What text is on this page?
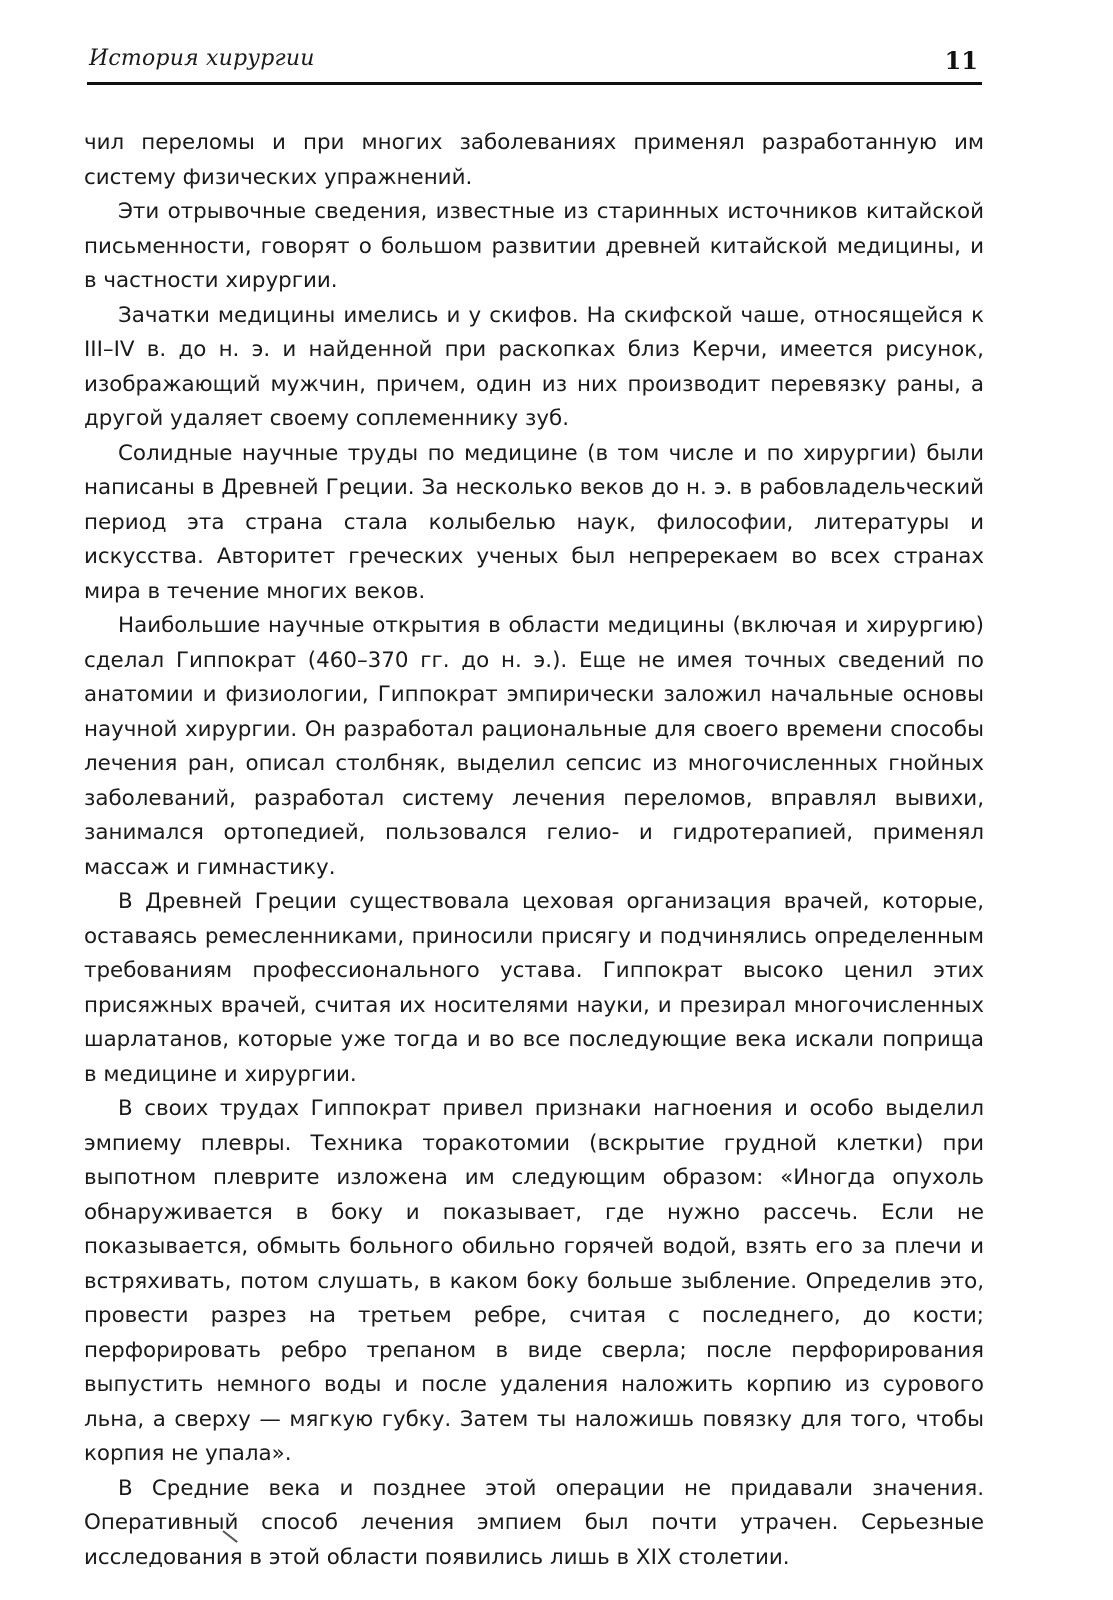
История хирургии	11

чил переломы и при многих заболеваниях применял разработанную им систему физических упражнений.

Эти отрывочные сведения, известные из старинных источников китайской письменности, говорят о большом развитии древней китайской медицины, и в частности хирургии.

Зачатки медицины имелись и у скифов. На скифской чаше, относящейся к III–IV в. до н. э. и найденной при раскопках близ Керчи, имеется рисунок, изображающий мужчин, причем, один из них производит перевязку раны, а другой удаляет своему соплеменнику зуб.

Солидные научные труды по медицине (в том числе и по хирургии) были написаны в Древней Греции. За несколько веков до н. э. в рабовладельческий период эта страна стала колыбелью наук, философии, литературы и искусства. Авторитет греческих ученых был непререкаем во всех странах мира в течение многих веков.

Наибольшие научные открытия в области медицины (включая и хирургию) сделал Гиппократ (460–370 гг. до н. э.). Еще не имея точных сведений по анатомии и физиологии, Гиппократ эмпирически заложил начальные основы научной хирургии. Он разработал рациональные для своего времени способы лечения ран, описал столбняк, выделил сепсис из многочисленных гнойных заболеваний, разработал систему лечения переломов, вправлял вывихи, занимался ортопедией, пользовался гелио- и гидротерапией, применял массаж и гимнастику.

В Древней Греции существовала цеховая организация врачей, которые, оставаясь ремесленниками, приносили присягу и подчинялись определенным требованиям профессионального устава. Гиппократ высоко ценил этих присяжных врачей, считая их носителями науки, и презирал многочисленных шарлатанов, которые уже тогда и во все последующие века искали поприща в медицине и хирургии.

В своих трудах Гиппократ привел признаки нагноения и особо выделил эмпиему плевры. Техника торакотомии (вскрытие грудной клетки) при выпотном плеврите изложена им следующим образом: «Иногда опухоль обнаруживается в боку и показывает, где нужно рассечь. Если не показывается, обмыть больного обильно горячей водой, взять его за плечи и встряхивать, потом слушать, в каком боку больше зыбление. Определив это, провести разрез на третьем ребре, считая с последнего, до кости; перфорировать ребро трепаном в виде сверла; после перфорирования выпустить немного воды и после удаления наложить корпию из сурового льна, а сверху — мягкую губку. Затем ты наложишь повязку для того, чтобы корпия не упала».

В Средние века и позднее этой операции не придавали значения. Оперативный способ лечения эмпием был почти утрачен. Серьезные исследования в этой области появились лишь в XIX столетии.
